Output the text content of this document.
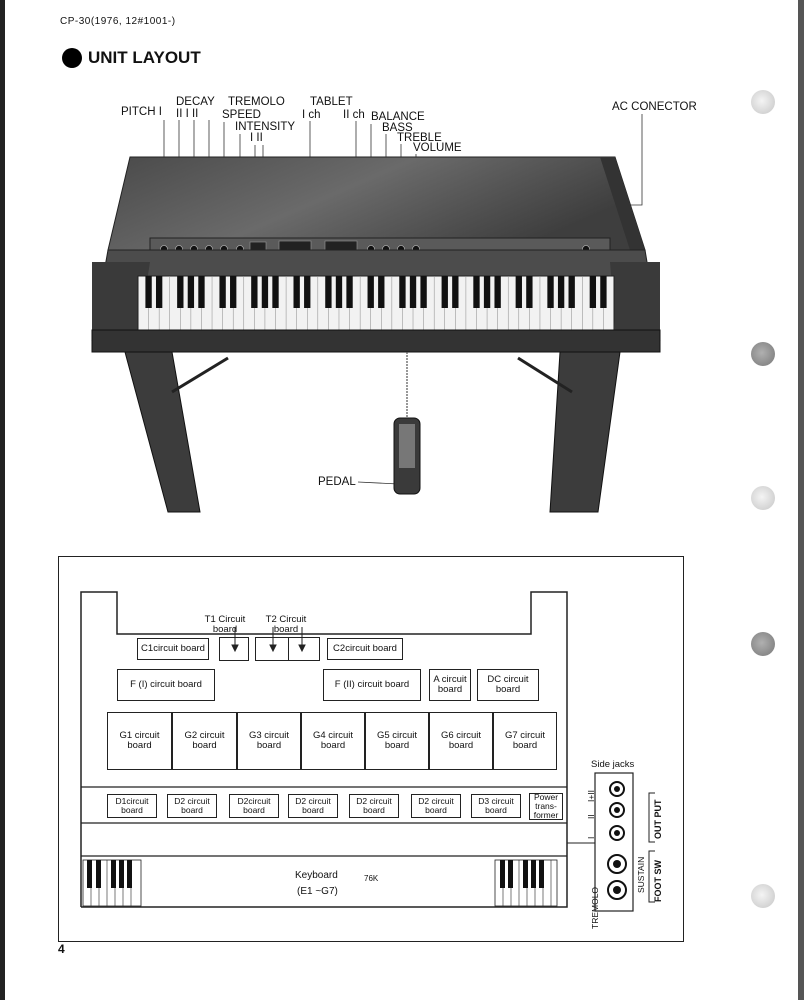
CP-30(1976, 12#1001-)
UNIT LAYOUT
PITCH I
DECAY
II I II
TREMOLO
SPEED
INTENSITY
I II
TABLET
I ch II ch BALANCE
BASS
TREBLE
VOLUME
AC CONECTOR
PEDAL
T1 Circuit board
T2 Circuit board
C1circuit board	C2circuit board
F (I) circuit board	F (II) circuit board	A circuit board
DC circuit board
G1 circuit board
G2 circuit board
G3 circuit board
G4 circuit board
G5 circuit board
G6 circuit board
G7 circuit board
D1circuit board
D2 circuit board
D2circuit board
D2 circuit board
D2 circuit board
D2 circuit board
D3 circuit board
Power trans-former
Keyboard	76K
(E1 ~G7)
Side jacks
I+II
II
I	OUT PUT
SUSTAIN FOOT SW
TREMOLO
4
